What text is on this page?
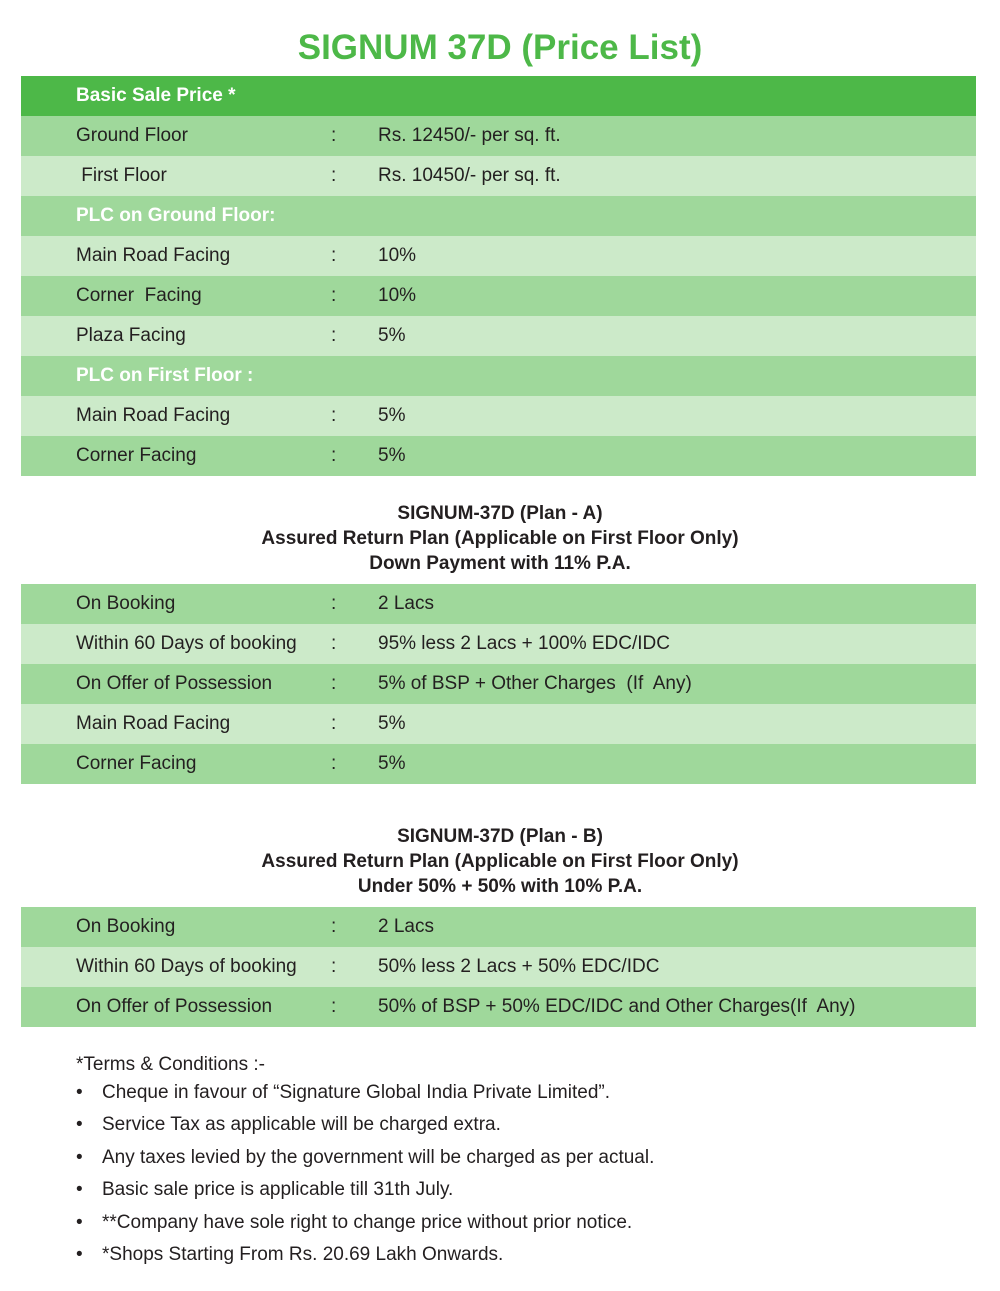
SIGNUM 37D (Price List)
Basic Sale Price *
Ground Floor	: Rs. 12450/- per sq. ft.
First Floor	: Rs. 10450/- per sq. ft.
PLC on Ground Floor:
Main Road Facing	: 10%
Corner  Facing	: 10%
Plaza Facing	: 5%
PLC on First Floor :
Main Road Facing	: 5%
Corner Facing	: 5%
SIGNUM-37D (Plan - A)
Assured Return Plan (Applicable on First Floor Only)
Down Payment with 11% P.A.
On Booking	: 2 Lacs
Within 60 Days of booking : 95% less 2 Lacs + 100% EDC/IDC
On Offer of Possession	: 5% of BSP + Other Charges  (If  Any)
Main Road Facing	: 5%
Corner Facing	: 5%
SIGNUM-37D (Plan - B)
Assured Return Plan (Applicable on First Floor Only)
Under 50% + 50% with 10% P.A.
On Booking	: 2 Lacs
Within 60 Days of booking : 50% less 2 Lacs + 50% EDC/IDC
On Offer of Possession	: 50% of BSP + 50% EDC/IDC and Other Charges(If  Any)
*Terms & Conditions :-
• Cheque in favour of “Signature Global India Private Limited”.
• Service Tax as applicable will be charged extra.
• Any taxes levied by the government will be charged as per actual.
• Basic sale price is applicable till 31th July.
• **Company have sole right to change price without prior notice.
• *Shops Starting From Rs. 20.69 Lakh Onwards.
